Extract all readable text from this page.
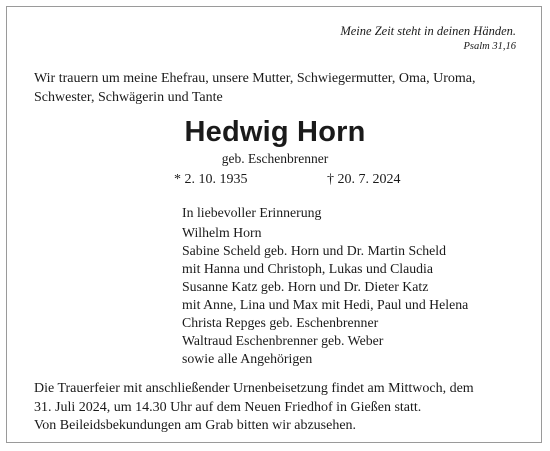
Meine Zeit steht in deinen Händen.
Psalm 31,16
Wir trauern um meine Ehefrau, unsere Mutter, Schwiegermutter, Oma, Uroma, Schwester, Schwägerin und Tante
Hedwig Horn
geb. Eschenbrenner
* 2. 10. 1935	† 20. 7. 2024
In liebevoller Erinnerung
Wilhelm Horn
Sabine Scheld geb. Horn und Dr. Martin Scheld
mit Hanna und Christoph, Lukas und Claudia
Susanne Katz geb. Horn und Dr. Dieter Katz
mit Anne, Lina und Max mit Hedi, Paul und Helena
Christa Repges geb. Eschenbrenner
Waltraud Eschenbrenner geb. Weber
sowie alle Angehörigen
Die Trauerfeier mit anschließender Urnenbeisetzung findet am Mittwoch, dem
31. Juli 2024, um 14.30 Uhr auf dem Neuen Friedhof in Gießen statt.
Von Beileidsbekundungen am Grab bitten wir abzusehen.
